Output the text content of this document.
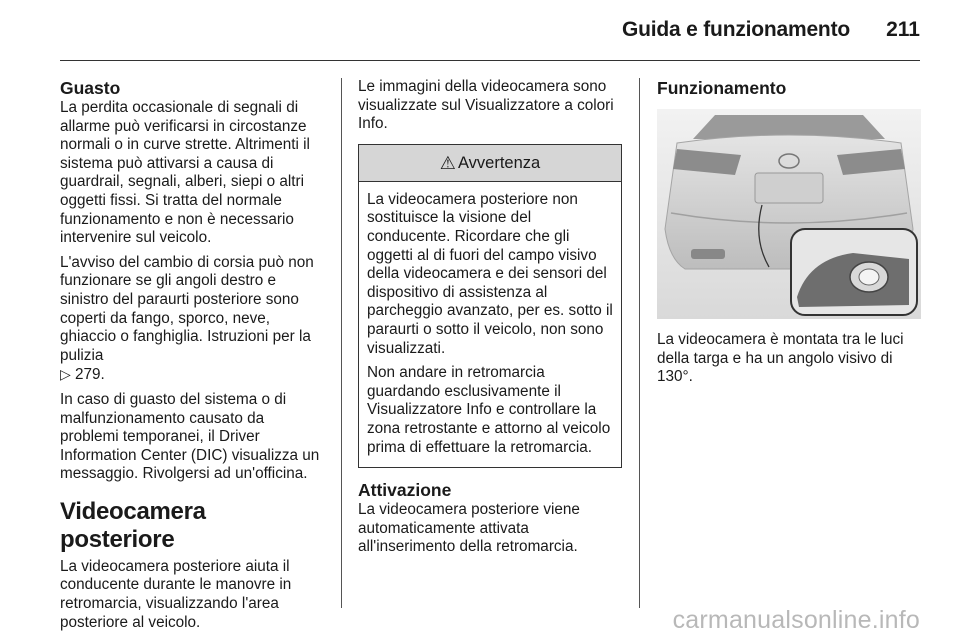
Guida e funzionamento	211
Guasto

La perdita occasionale di segnali di allarme può verificarsi in circostanze normali o in curve strette. Altrimenti il sistema può attivarsi a causa di guardrail, segnali, alberi, siepi o altri oggetti fissi. Si tratta del normale funzionamento e non è necessario intervenire sul veicolo.

L'avviso del cambio di corsia può non funzionare se gli angoli destro e sinistro del paraurti posteriore sono coperti da fango, sporco, neve, ghiaccio o fanghiglia. Istruzioni per la pulizia
▷ 279.

In caso di guasto del sistema o di malfunzionamento causato da problemi temporanei, il Driver Information Center (DIC) visualizza un messaggio. Rivolgersi ad un'officina.

Videocamera posteriore

La videocamera posteriore aiuta il conducente durante le manovre in retromarcia, visualizzando l'area posteriore al veicolo.

Le immagini della videocamera sono visualizzate sul Visualizzatore a colori Info.

⚠ Avvertenza

La videocamera posteriore non sostituisce la visione del conducente. Ricordare che gli oggetti al di fuori del campo visivo della videocamera e dei sensori del dispositivo di assistenza al parcheggio avanzato, per es. sotto il paraurti o sotto il veicolo, non sono visualizzati.

Non andare in retromarcia guardando esclusivamente il Visualizzatore Info e controllare la zona retrostante e attorno al veicolo prima di effettuare la retromarcia.

Attivazione

La videocamera posteriore viene automaticamente attivata all'inserimento della retromarcia.

Funzionamento

La videocamera è montata tra le luci della targa e ha un angolo visivo di 130°.

carmanualsonline.info
